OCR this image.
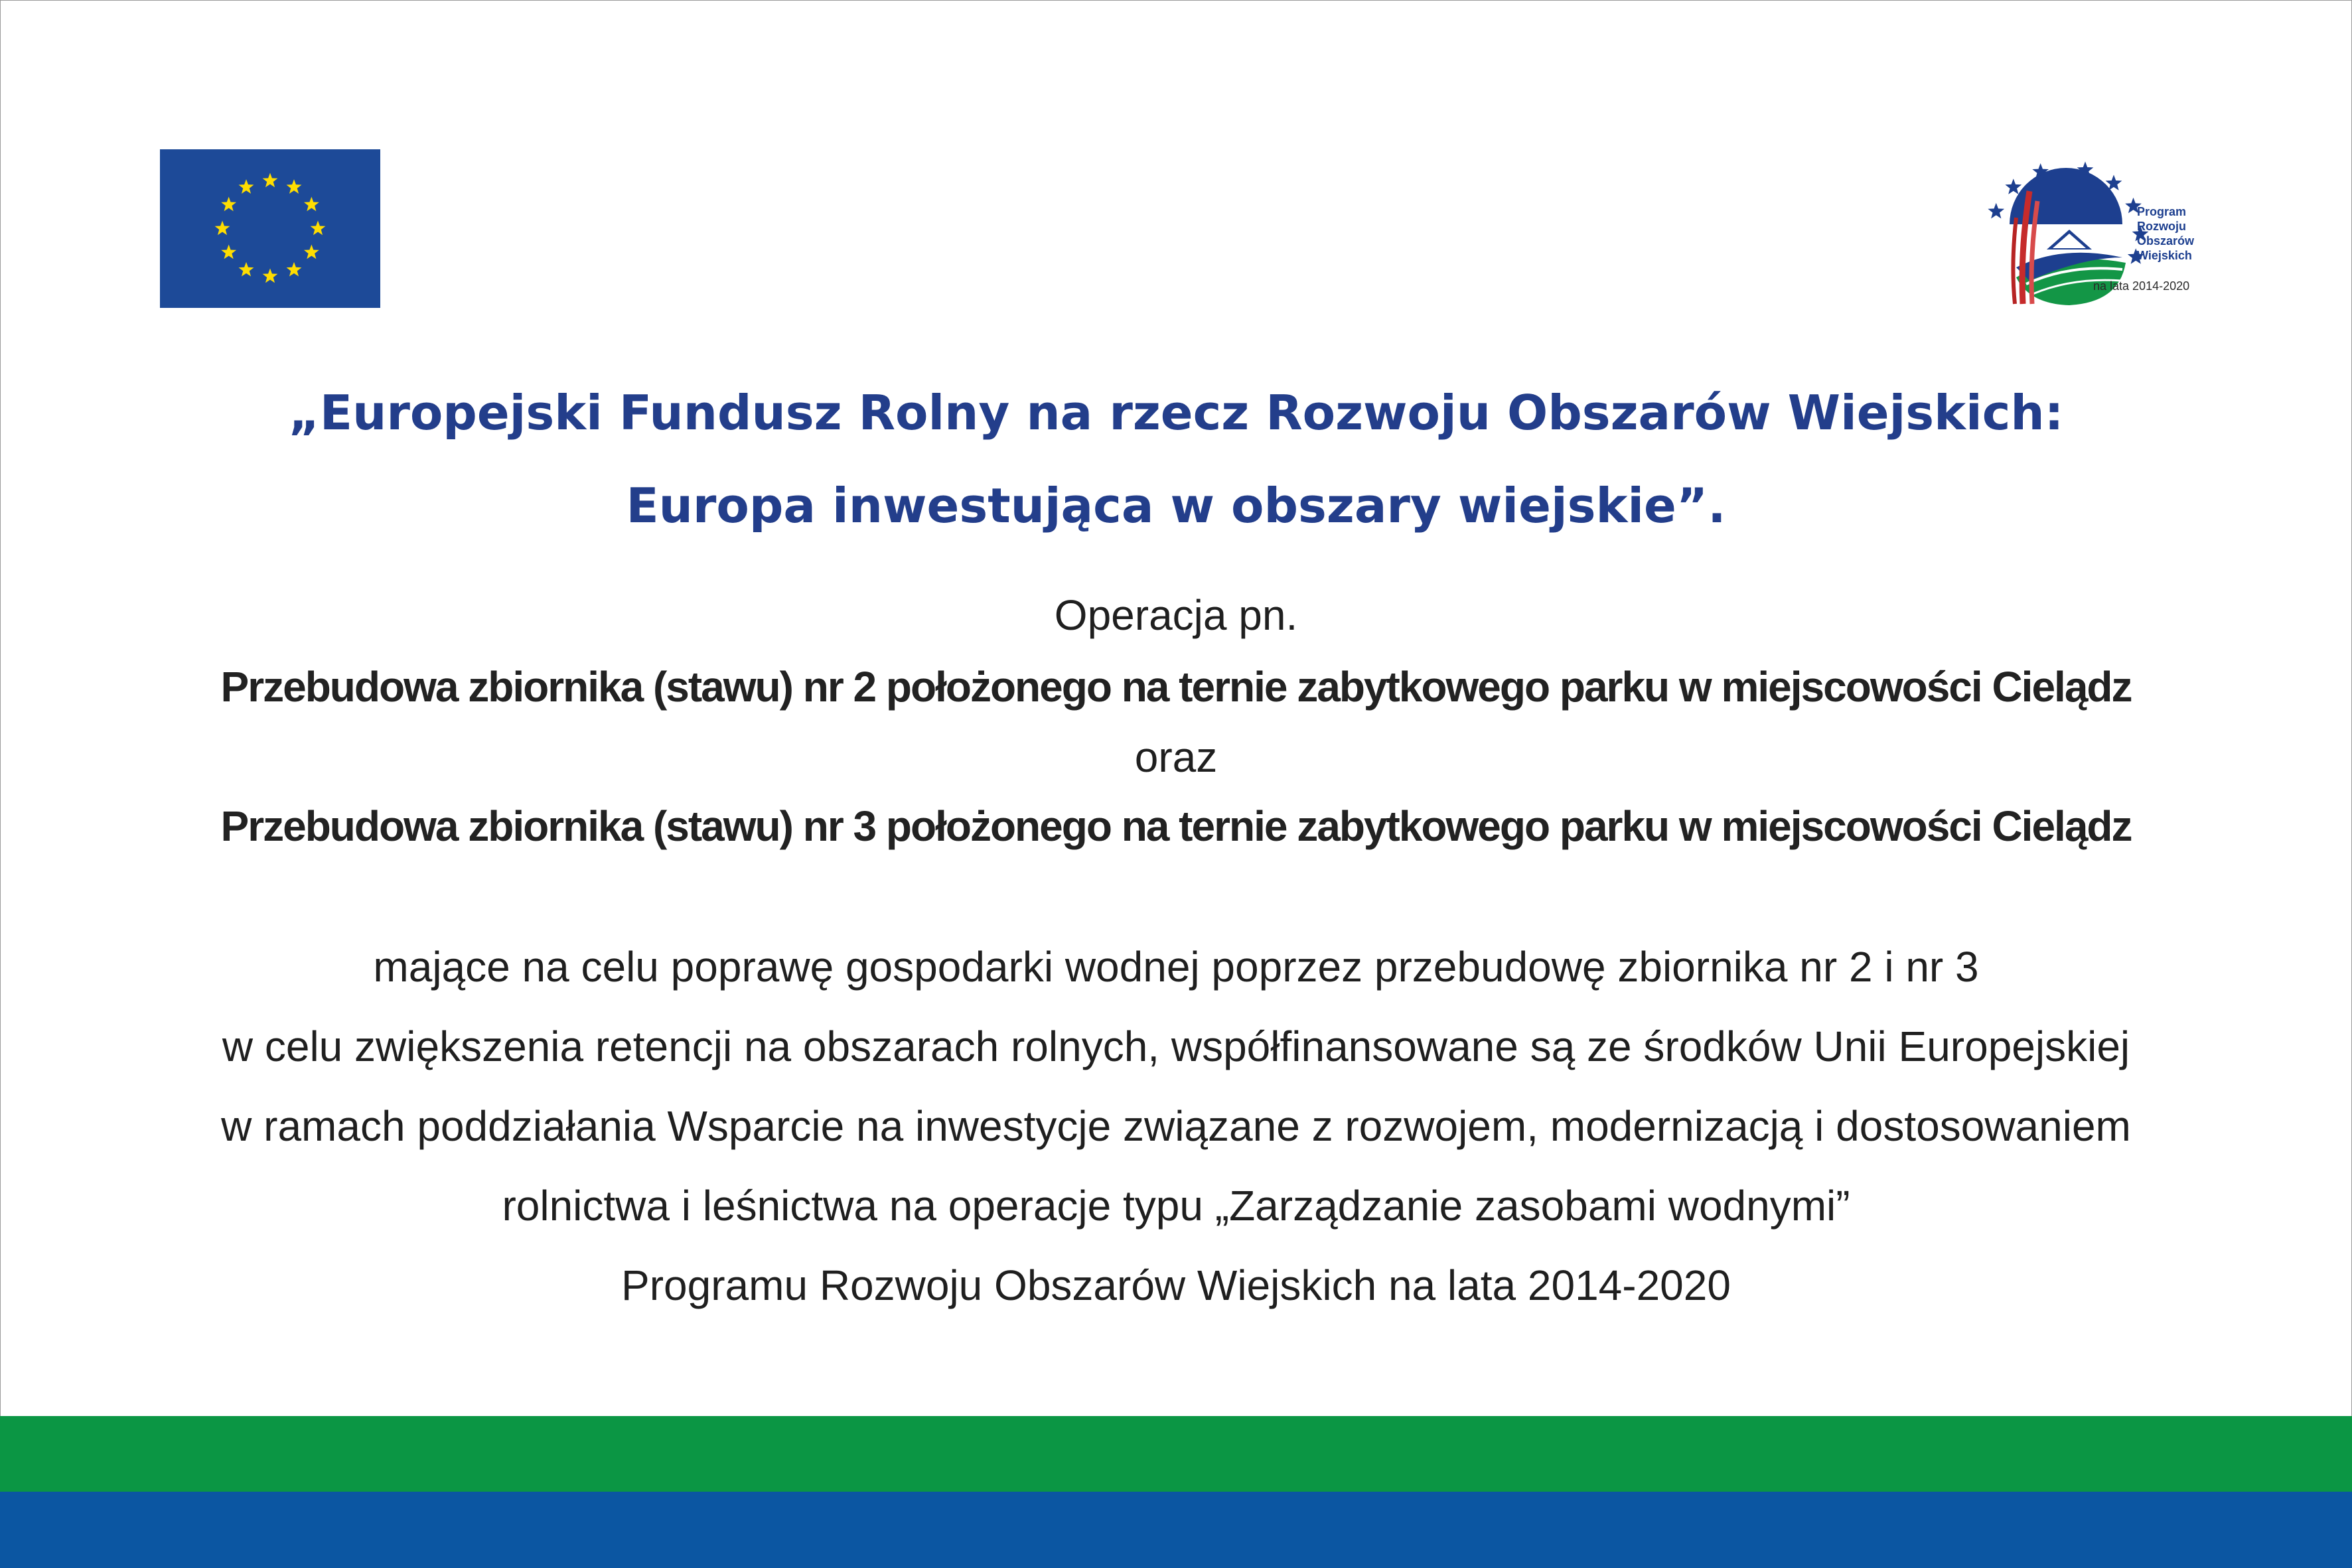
Program
Rozwoju
Obszarów
Wiejskich
na lata 2014-2020
„Europejski Fundusz Rolny na rzecz Rozwoju Obszarów Wiejskich:
Europa inwestująca w obszary wiejskie”.
Operacja pn.
Przebudowa zbiornika (stawu) nr 2 położonego na ternie zabytkowego parku w miejscowości Cielądz
oraz
Przebudowa zbiornika (stawu) nr 3 położonego na ternie zabytkowego parku w miejscowości Cielądz
mające na celu poprawę gospodarki wodnej poprzez przebudowę zbiornika nr 2 i nr 3
w celu zwiększenia retencji na obszarach rolnych, współfinansowane są ze środków Unii Europejskiej
w ramach poddziałania Wsparcie na inwestycje związane z rozwojem, modernizacją i dostosowaniem
rolnictwa i leśnictwa na operacje typu „Zarządzanie zasobami wodnymi”
Programu Rozwoju Obszarów Wiejskich na lata 2014-2020
